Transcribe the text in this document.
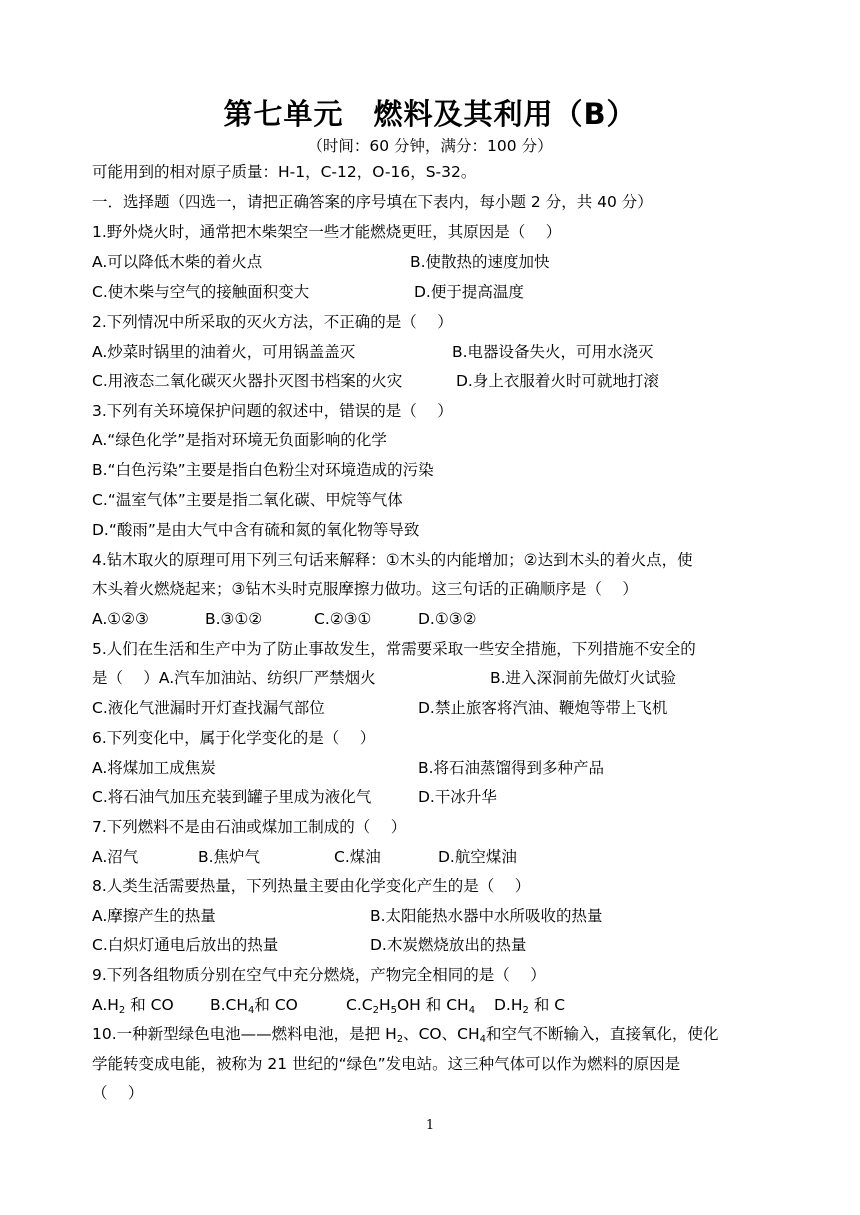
第七单元　燃料及其利用（B）
（时间：60 分钟，满分：100 分）
可能用到的相对原子质量：H-1，C-12，O-16，S-32。
一．选择题（四选一，请把正确答案的序号填在下表内，每小题 2 分，共 40 分）
1.野外烧火时，通常把木柴架空一些才能燃烧更旺，其原因是（　 ）
A.可以降低木柴的着火点	B.使散热的速度加快
C.使木柴与空气的接触面积变大	D.便于提高温度
2.下列情况中所采取的灭火方法，不正确的是（　 ）
A.炒菜时锅里的油着火，可用锅盖盖灭	B.电器设备失火，可用水浇灭
C.用液态二氧化碳灭火器扑灭图书档案的火灾	D.身上衣服着火时可就地打滚
3.下列有关环境保护问题的叙述中，错误的是（　 ）
A.“绿色化学”是指对环境无负面影响的化学
B.“白色污染”主要是指白色粉尘对环境造成的污染
C.“温室气体”主要是指二氧化碳、甲烷等气体
D.“酸雨”是由大气中含有硫和氮的氧化物等导致
4.钻木取火的原理可用下列三句话来解释：①木头的内能增加；②达到木头的着火点，使
木头着火燃烧起来；③钻木头时克服摩擦力做功。这三句话的正确顺序是（　 ）
A.①②③	B.③①②	C.②③①	D.①③②
5.人们在生活和生产中为了防止事故发生，常需要采取一些安全措施，下列措施不安全的
是（　 ）A.汽车加油站、纺织厂严禁烟火	B.进入深洞前先做灯火试验
C.液化气泄漏时开灯查找漏气部位	D.禁止旅客将汽油、鞭炮等带上飞机
6.下列变化中，属于化学变化的是（　 ）
A.将煤加工成焦炭	B.将石油蒸馏得到多种产品
C.将石油气加压充装到罐子里成为液化气	D.干冰升华
7.下列燃料不是由石油或煤加工制成的（　 ）
A.沼气	B.焦炉气	C.煤油	D.航空煤油
8.人类生活需要热量，下列热量主要由化学变化产生的是（　 ）
A.摩擦产生的热量	B.太阳能热水器中水所吸收的热量
C.白炽灯通电后放出的热量	D.木炭燃烧放出的热量
9.下列各组物质分别在空气中充分燃烧，产物完全相同的是（　 ）
$A.H_2$ 和 CO $B.CH_4$和 CO	$C.C_2H_5OH$ 和 $CH_4$ $D.H_2$ 和 C
10.一种新型绿色电池——燃料电池，是把 $H_2$、CO、$CH_4$和空气不断输入，直接氧化，使化
学能转变成电能，被称为 21 世纪的“绿色”发电站。这三种气体可以作为燃料的原因是
（　 ）
1
